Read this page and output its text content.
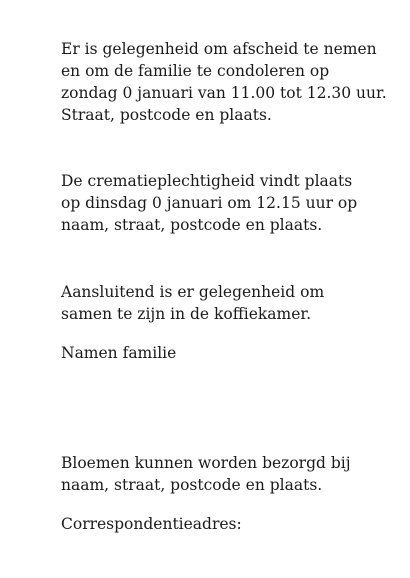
Er is gelegenheid om afscheid te nemen
en om de familie te condoleren op
zondag 0 januari van 11.00 tot 12.30 uur.
Straat, postcode en plaats.

De crematieplechtigheid vindt plaats
op dinsdag 0 januari om 12.15 uur op
naam, straat, postcode en plaats.

Aansluitend is er gelegenheid om
samen te zijn in de koffiekamer.

Namen familie

Bloemen kunnen worden bezorgd bij
naam, straat, postcode en plaats.

Correspondentieadres:
